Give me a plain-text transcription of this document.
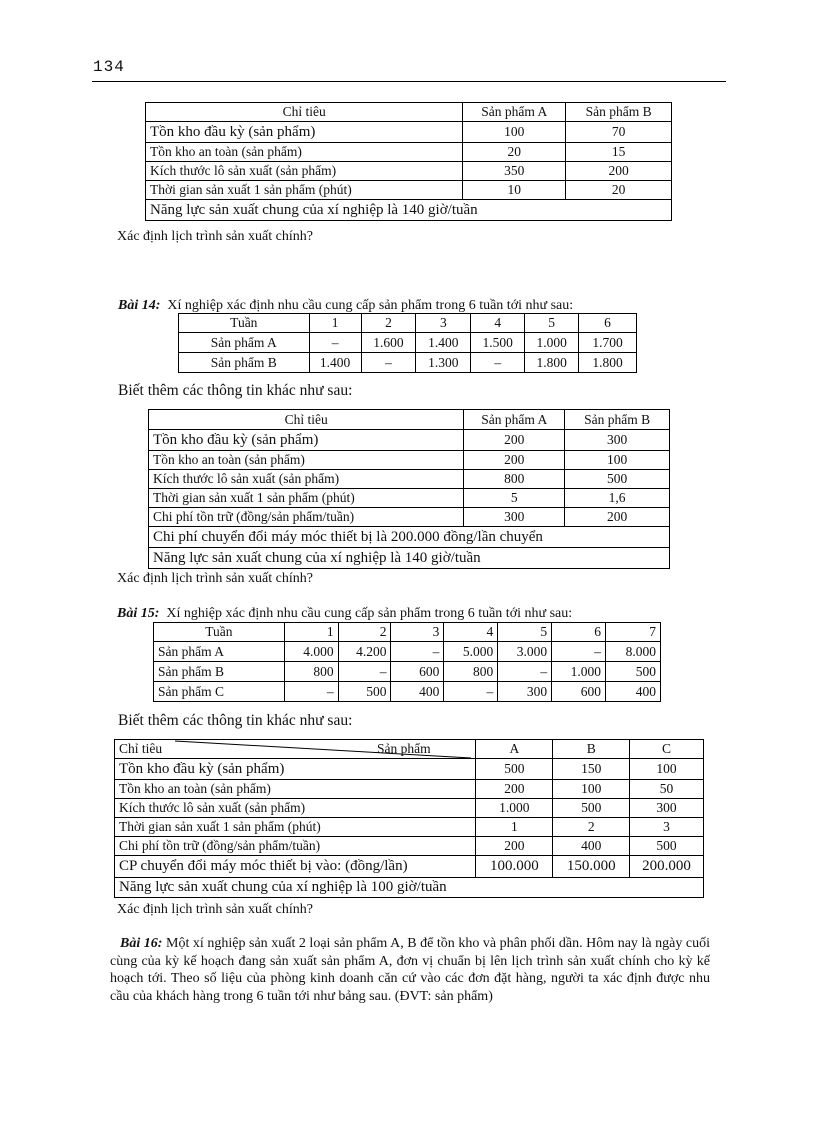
134
Chỉ tiêu	Sản phẩm A	Sản phẩm B
Tồn kho đầu kỳ (sản phẩm)	100	70
Tồn kho an toàn (sản phẩm)	20	15
Kích thước lô sản xuất (sản phẩm)	350	200
Thời gian sản xuất 1 sản phẩm (phút)	10	20
Năng lực sản xuất chung của xí nghiệp là 140 giờ/tuần		
Xác định lịch trình sản xuất chính?
Bài 14: Xí nghiệp xác định nhu cầu cung cấp sản phẩm trong 6 tuần tới như sau:
Tuần	1	2	3	4	5	6
Sản phẩm A	–	1.600	1.400	1.500	1.000	1.700
Sản phẩm B	1.400	–	1.300	–	1.800	1.800
Biết thêm các thông tin khác như sau:
Chỉ tiêu	Sản phẩm A	Sản phẩm B
Tồn kho đầu kỳ (sản phẩm)	200	300
Tồn kho an toàn (sản phẩm)	200	100
Kích thước lô sản xuất (sản phẩm)	800	500
Thời gian sản xuất 1 sản phẩm (phút)	5	1,6
Chi phí tồn trữ (đồng/sản phẩm/tuần)	300	200
Chi phí chuyển đổi máy móc thiết bị là 200.000 đồng/lần chuyển		
Năng lực sản xuất chung của xí nghiệp là 140 giờ/tuần		
Xác định lịch trình sản xuất chính?
Bài 15: Xí nghiệp xác định nhu cầu cung cấp sản phẩm trong 6 tuần tới như sau:
Tuần	1	2	3	4	5	6	7
Sản phẩm A	4.000	4.200	–	5.000	3.000	–	8.000
Sản phẩm B	800	–	600	800	–	1.000	500
Sản phẩm C	–	500	400	–	300	600	400
Biết thêm các thông tin khác như sau:
Chỉ tiêu Sản phẩm	A	B	C
Tồn kho đầu kỳ (sản phẩm)	500	150	100
Tồn kho an toàn (sản phẩm)	200	100	50
Kích thước lô sản xuất (sản phẩm)	1.000	500	300
Thời gian sản xuất 1 sản phẩm (phút)	1	2	3
Chi phí tồn trữ (đồng/sản phẩm/tuần)	200	400	500
CP chuyển đổi máy móc thiết bị vào: (đồng/lần)	100.000	150.000	200.000
Năng lực sản xuất chung của xí nghiệp là 100 giờ/tuần			
Xác định lịch trình sản xuất chính?
Bài 16: Một xí nghiệp sản xuất 2 loại sản phẩm A, B để tồn kho và phân phối dần. Hôm nay là ngày cuối cùng của kỳ kế hoạch đang sản xuất sản phẩm A, đơn vị chuẩn bị lên lịch trình sản xuất chính cho kỳ kế hoạch tới. Theo số liệu của phòng kinh doanh căn cứ vào các đơn đặt hàng, người ta xác định được nhu cầu của khách hàng trong 6 tuần tới như bảng sau. (ĐVT: sản phẩm)
